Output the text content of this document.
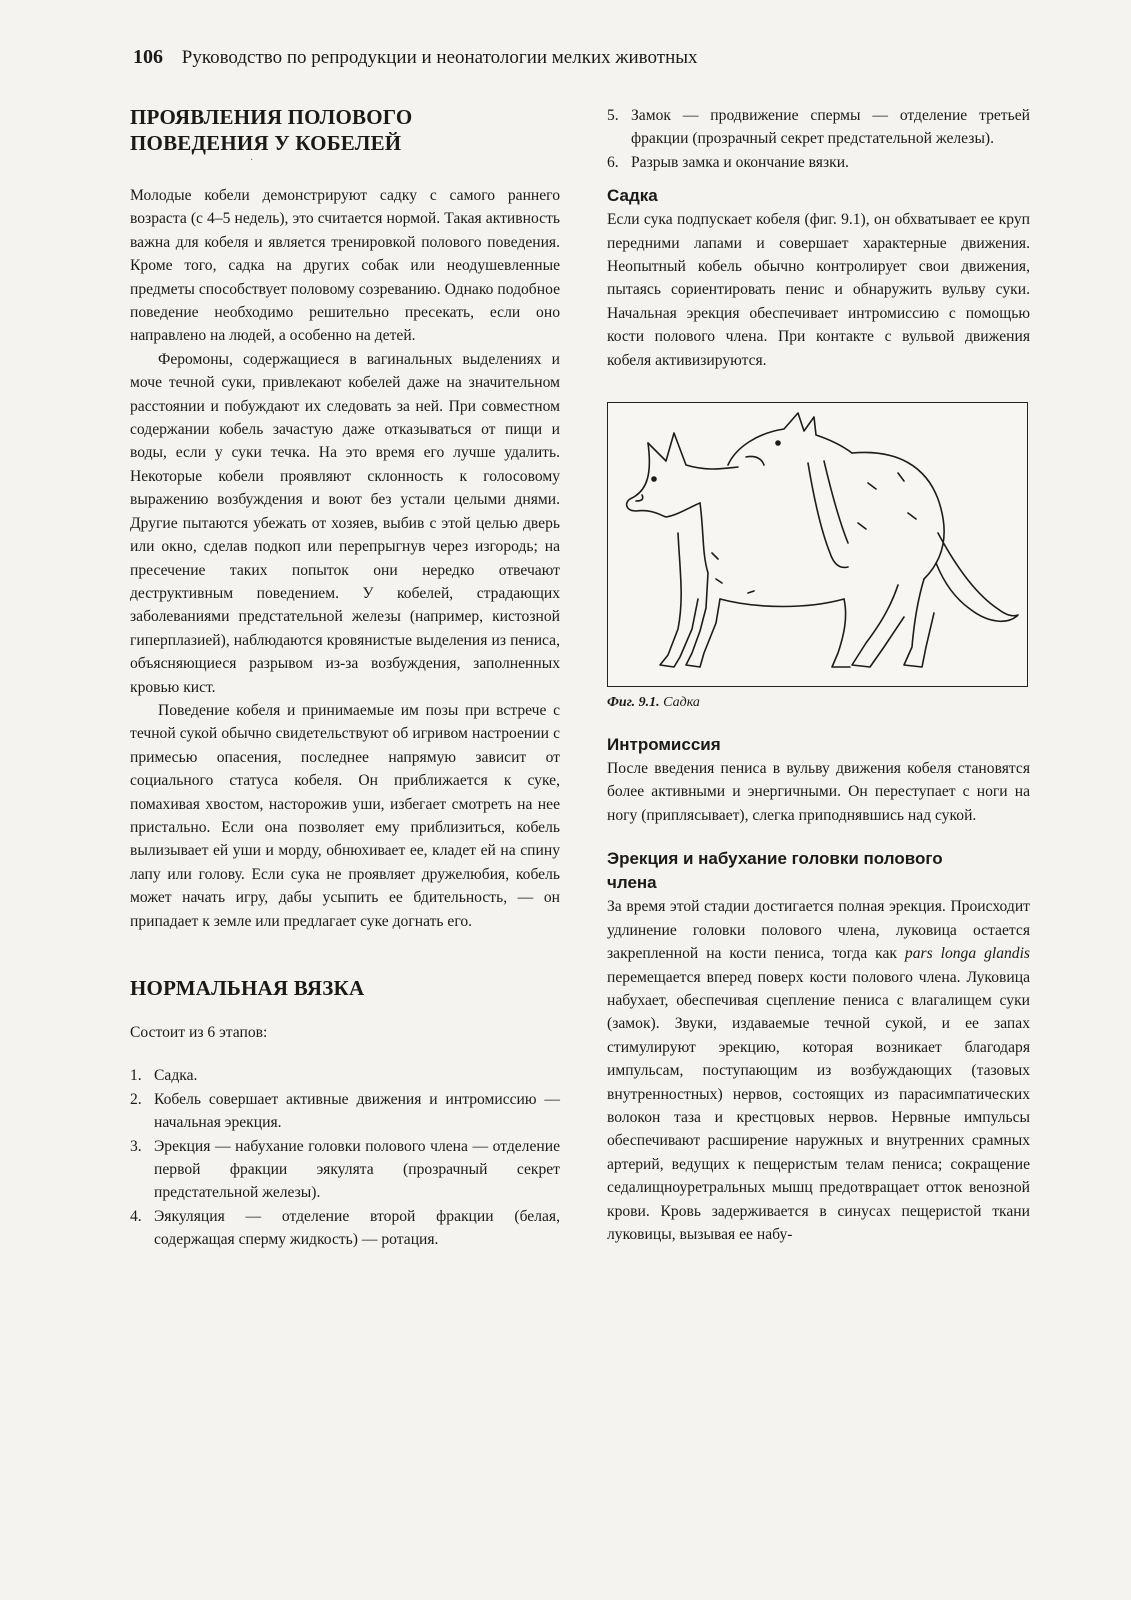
106 Руководство по репродукции и неонатологии мелких животных
ПРОЯВЛЕНИЯ ПОЛОВОГО
ПОВЕДЕНИЯ У КОБЕЛЕЙ
·

Молодые кобели демонстрируют садку с самого раннего возраста (с 4–5 недель), это считается нормой. Такая активность важна для кобеля и является тренировкой полового поведения. Кроме того, садка на других собак или неодушевленные предметы способствует половому созреванию. Однако подобное поведение необходимо решительно пресекать, если оно направлено на людей, а особенно на детей.

Феромоны, содержащиеся в вагинальных выделениях и моче течной суки, привлекают кобелей даже на значительном расстоянии и побуждают их следовать за ней. При совместном содержании кобель зачастую даже отказываться от пищи и воды, если у суки течка. На это время его лучше удалить. Некоторые кобели проявляют склонность к голосовому выражению возбуждения и воют без устали целыми днями. Другие пытаются убежать от хозяев, выбив с этой целью дверь или окно, сделав подкоп или перепрыгнув через изгородь; на пресечение таких попыток они нередко отвечают деструктивным поведением. У кобелей, страдающих заболеваниями предстательной железы (например, кистозной гиперплазией), наблюдаются кровянистые выделения из пениса, объясняющиеся разрывом из-за возбуждения, заполненных кровью кист.

Поведение кобеля и принимаемые им позы при встрече с течной сукой обычно свидетельствуют об игривом настроении с примесью опасения, последнее напрямую зависит от социального статуса кобеля. Он приближается к суке, помахивая хвостом, насторожив уши, избегает смотреть на нее пристально. Если она позволяет ему приблизиться, кобель вылизывает ей уши и морду, обнюхивает ее, кладет ей на спину лапу или голову. Если сука не проявляет дружелюбия, кобель может начать игру, дабы усыпить ее бдительность, — он припадает к земле или предлагает суке догнать его.

НОРМАЛЬНАЯ ВЯЗКА

Состоит из 6 этапов:

1. Садка.
2. Кобель совершает активные движения и интромиссию — начальная эрекция.
3. Эрекция — набухание головки полового члена — отделение первой фракции эякулята (прозрачный секрет предстательной железы).
4. Эякуляция — отделение второй фракции (белая, содержащая сперму жидкость) — ротация.
5. Замок — продвижение спермы — отделение третьей фракции (прозрачный секрет предстательной железы).
6. Разрыв замка и окончание вязки.
Садка

Если сука подпускает кобеля (фиг. 9.1), он обхватывает ее круп передними лапами и совершает характерные движения. Неопытный кобель обычно контролирует свои движения, пытаясь сориентировать пенис и обнаружить вульву суки. Начальная эрекция обеспечивает интромиссию с помощью кости полового члена. При контакте с вульвой движения кобеля активизируются.

Фиг. 9.1. Садка
Интромиссия

После введения пениса в вульву движения кобеля становятся более активными и энергичными. Он переступает с ноги на ногу (приплясывает), слегка приподнявшись над сукой.

Эрекция и набухание головки полового
члена

За время этой стадии достигается полная эрекция. Происходит удлинение головки полового члена, луковица остается закрепленной на кости пениса, тогда как pars longa glandis перемещается вперед поверх кости полового члена. Луковица набухает, обеспечивая сцепление пениса с влагалищем суки (замок). Звуки, издаваемые течной сукой, и ее запах стимулируют эрекцию, которая возникает благодаря импульсам, поступающим из возбуждающих (тазовых внутренностных) нервов, состоящих из парасимпатических волокон таза и крестцовых нервов. Нервные импульсы обеспечивают расширение наружных и внутренних срамных артерий, ведущих к пещеристым телам пениса; сокращение седалищноуретральных мышц предотвращает отток венозной крови. Кровь задерживается в синусах пещеристой ткани луковицы, вызывая ее набу-
